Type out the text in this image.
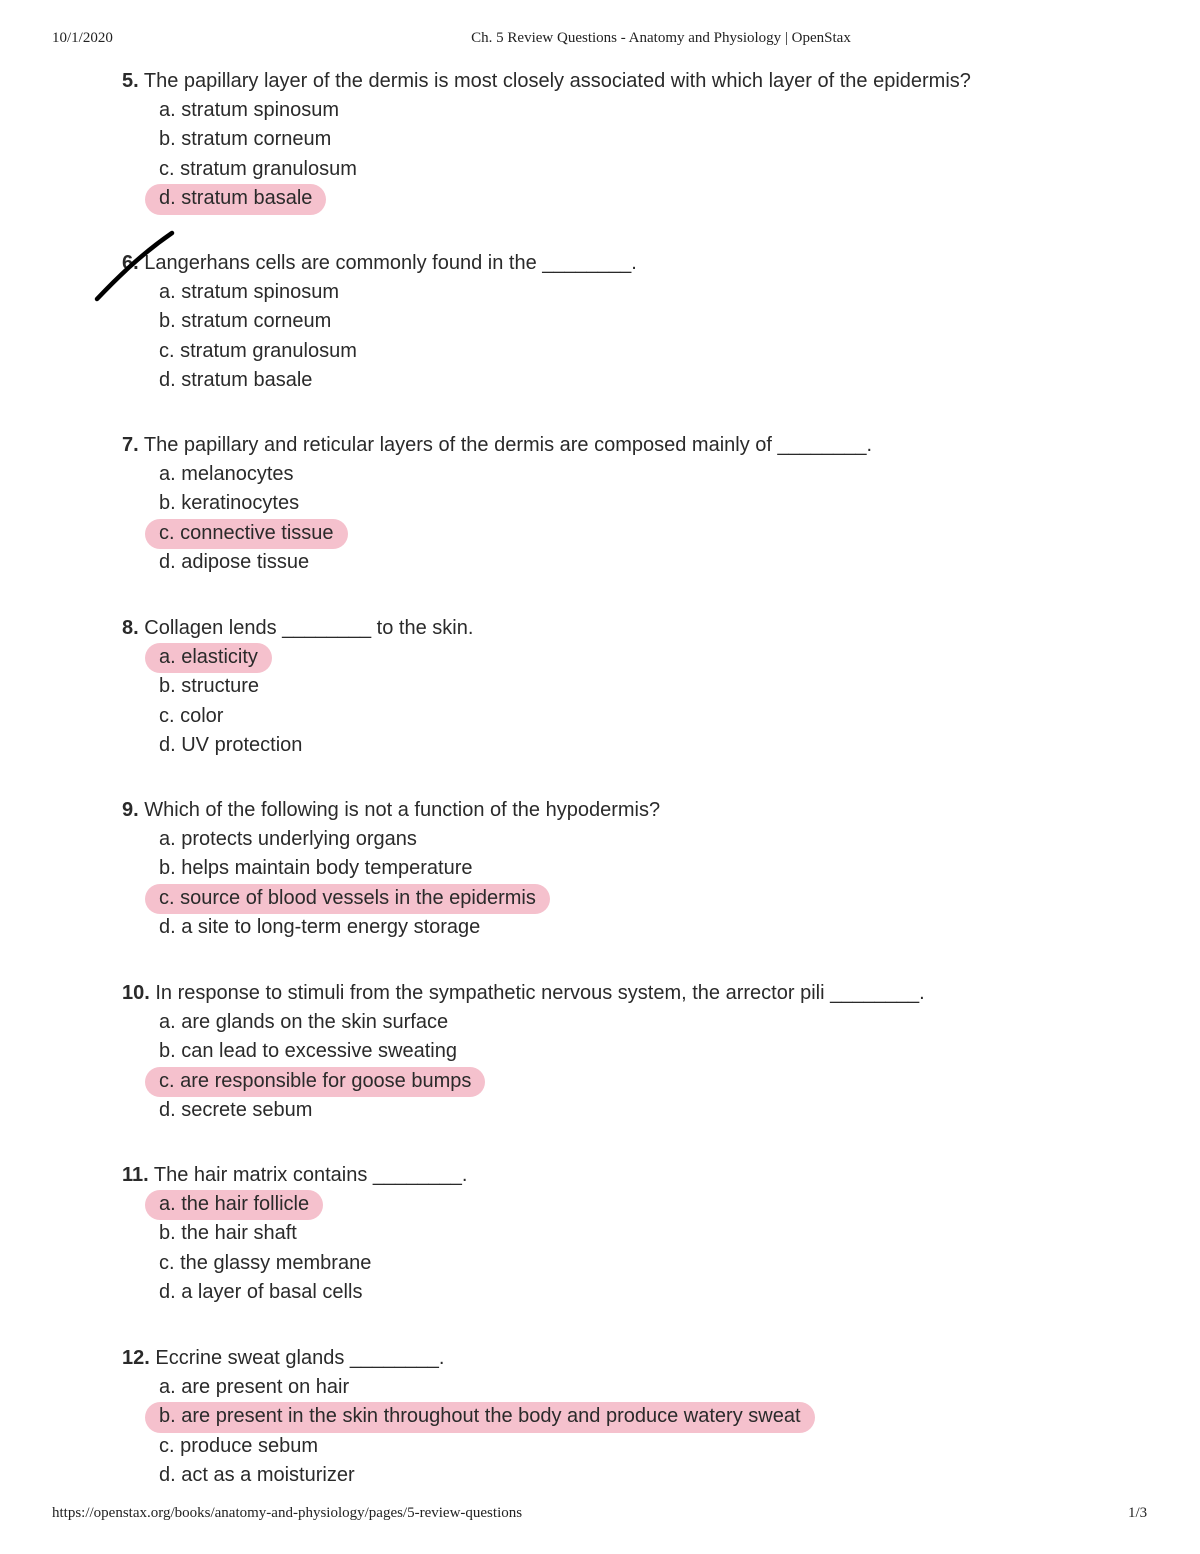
10/1/2020	Ch. 5 Review Questions - Anatomy and Physiology | OpenStax
5. The papillary layer of the dermis is most closely associated with which layer of the epidermis?
a. stratum spinosum
b. stratum corneum
c. stratum granulosum
d. stratum basale
6. Langerhans cells are commonly found in the ________.
a. stratum spinosum
b. stratum corneum
c. stratum granulosum
d. stratum basale
7. The papillary and reticular layers of the dermis are composed mainly of ________.
a. melanocytes
b. keratinocytes
c. connective tissue
d. adipose tissue
8. Collagen lends ________ to the skin.
a. elasticity
b. structure
c. color
d. UV protection
9. Which of the following is not a function of the hypodermis?
a. protects underlying organs
b. helps maintain body temperature
c. source of blood vessels in the epidermis
d. a site to long-term energy storage
10. In response to stimuli from the sympathetic nervous system, the arrector pili ________.
a. are glands on the skin surface
b. can lead to excessive sweating
c. are responsible for goose bumps
d. secrete sebum
11. The hair matrix contains ________.
a. the hair follicle
b. the hair shaft
c. the glassy membrane
d. a layer of basal cells
12. Eccrine sweat glands ________.
a. are present on hair
b. are present in the skin throughout the body and produce watery sweat
c. produce sebum
d. act as a moisturizer
https://openstax.org/books/anatomy-and-physiology/pages/5-review-questions	1/3
